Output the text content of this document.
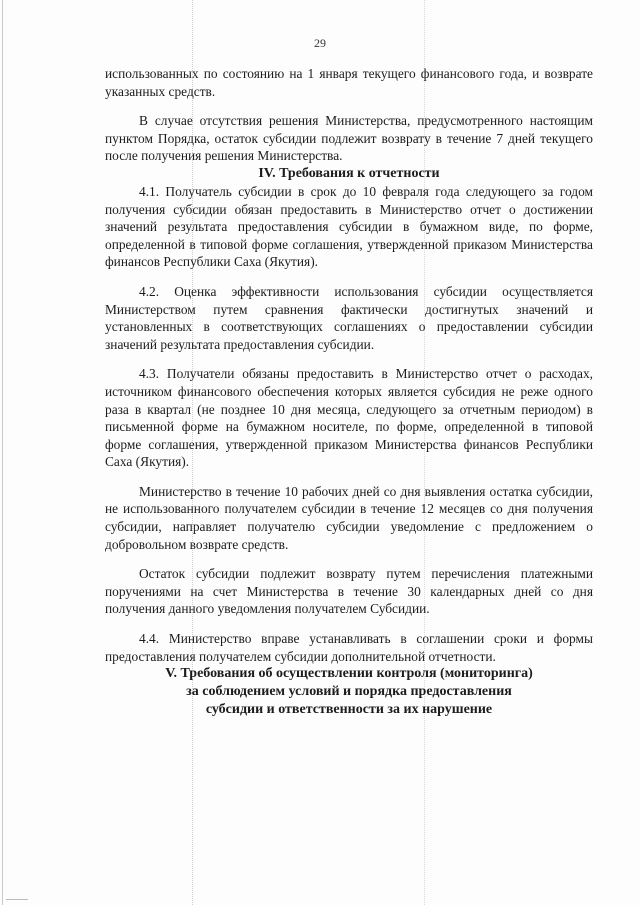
29

использованных по состоянию на 1 января текущего финансового года, и возврате указанных средств.

В случае отсутствия решения Министерства, предусмотренного настоящим пунктом Порядка, остаток субсидии подлежит возврату в течение 7 дней текущего после получения решения Министерства.

IV. Требования к отчетности

4.1. Получатель субсидии в срок до 10 февраля года следующего за годом получения субсидии обязан предоставить в Министерство отчет о достижении значений результата предоставления субсидии в бумажном виде, по форме, определенной в типовой форме соглашения, утвержденной приказом Министерства финансов Республики Саха (Якутия).

4.2. Оценка эффективности использования субсидии осуществляется Министерством путем сравнения фактически достигнутых значений и установленных в соответствующих соглашениях о предоставлении субсидии значений результата предоставления субсидии.

4.3. Получатели обязаны предоставить в Министерство отчет о расходах, источником финансового обеспечения которых является субсидия не реже одного раза в квартал (не позднее 10 дня месяца, следующего за отчетным периодом) в письменной форме на бумажном носителе, по форме, определенной в типовой форме соглашения, утвержденной приказом Министерства финансов Республики Саха (Якутия).

Министерство в течение 10 рабочих дней со дня выявления остатка субсидии, не использованного получателем субсидии в течение 12 месяцев со дня получения субсидии, направляет получателю субсидии уведомление с предложением о добровольном возврате средств.

Остаток субсидии подлежит возврату путем перечисления платежными поручениями на счет Министерства в течение 30 календарных дней со дня получения данного уведомления получателем Субсидии.

4.4. Министерство вправе устанавливать в соглашении сроки и формы предоставления получателем субсидии дополнительной отчетности.

V. Требования об осуществлении контроля (мониторинга)
за соблюдением условий и порядка предоставления
субсидии и ответственности за их нарушение
